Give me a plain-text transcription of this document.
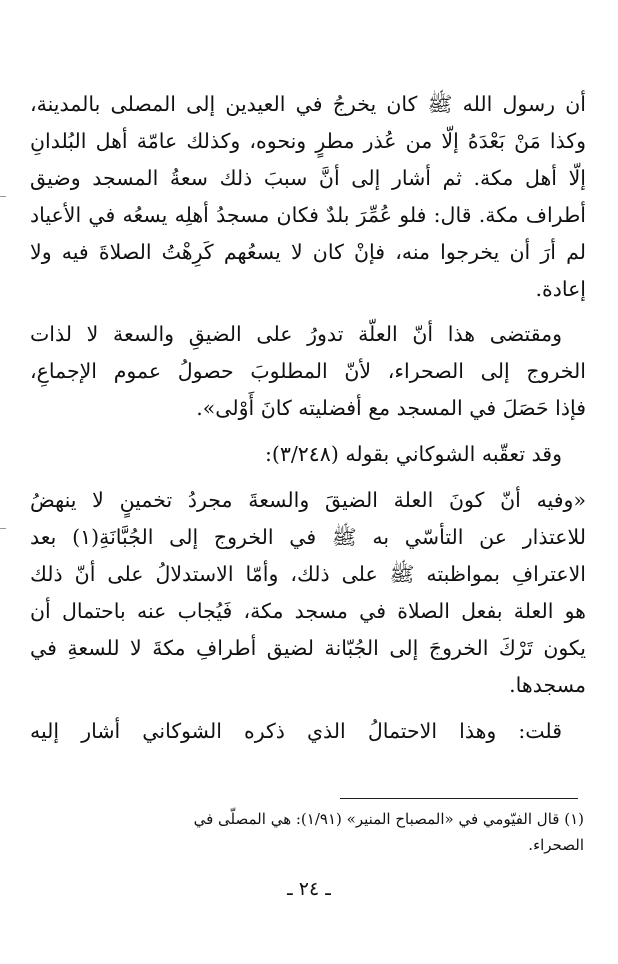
أن رسول الله ﷺ كان يخرجُ في العيدين إلى المصلى بالمدينة،
وكذا مَنْ بَعْدَهُ إلّا من عُذر مطرٍ ونحوه، وكذلك عامّة أهل البُلدانِ
إلّا أهل مكة. ثم أشار إلى أنَّ سببَ ذلك سعةُ المسجد وضيق
أطراف مكة. قال: فلو عُمِّرَ بلدٌ فكان مسجدُ أهلِه يسعُه في الأعياد
لم أرَ أن يخرجوا منه، فإنْ كان لا يسعُهم كَرِهْتُ الصلاةَ فيه ولا
إعادة.
ومقتضى هذا أنّ العلّة تدورُ على الضيقِ والسعة لا لذات
الخروج إلى الصحراء، لأنّ المطلوبَ حصولُ عموم الإجماعِ،
فإذا حَصَلَ في المسجد مع أفضليته كانَ أَوْلى».
وقد تعقّبه الشوكاني بقوله (٣/٢٤٨):
«وفيه أنّ كونَ العلة الضيقَ والسعةَ مجردُ تخمينٍ لا ينهضُ
للاعتذار عن التأسّي به ﷺ في الخروج إلى الجُبَّانَةِ(١) بعد
الاعترافِ بمواظبته ﷺ على ذلك، وأمّا الاستدلالُ على أنّ ذلك
هو العلة بفعل الصلاة في مسجد مكة، فَيُجاب عنه باحتمال أن
يكون تَرْكَ الخروجَ إلى الجُبّانة لضيق أطرافِ مكةَ لا للسعةِ في
مسجدها.
قلت: وهذا الاحتمالُ الذي ذكره الشوكاني أشار إليه
(١) قال الفيّومي في «المصباح المنير» (١/٩١): هي المصلّى في
الصحراء.
ـ ٢٤ ـ
